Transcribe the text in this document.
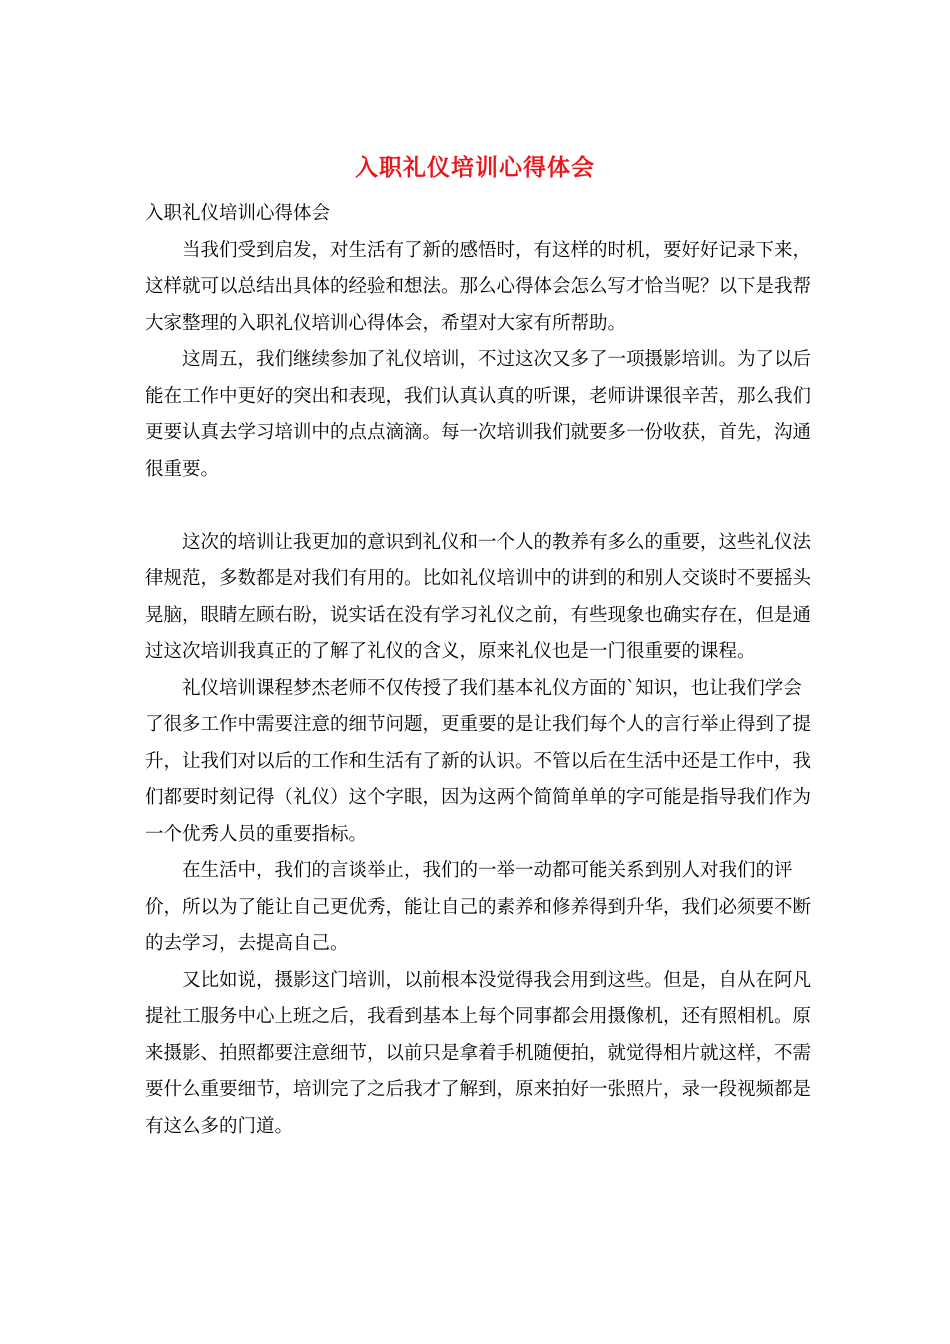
入职礼仪培训心得体会

入职礼仪培训心得体会

当我们受到启发，对生活有了新的感悟时，有这样的时机，要好好记录下来，这样就可以总结出具体的经验和想法。那么心得体会怎么写才恰当呢？以下是我帮大家整理的入职礼仪培训心得体会，希望对大家有所帮助。

这周五，我们继续参加了礼仪培训，不过这次又多了一项摄影培训。为了以后能在工作中更好的突出和表现，我们认真认真的听课，老师讲课很辛苦，那么我们更要认真去学习培训中的点点滴滴。每一次培训我们就要多一份收获，首先，沟通很重要。

这次的培训让我更加的意识到礼仪和一个人的教养有多么的重要，这些礼仪法律规范，多数都是对我们有用的。比如礼仪培训中的讲到的和别人交谈时不要摇头晃脑，眼睛左顾右盼，说实话在没有学习礼仪之前，有些现象也确实存在，但是通过这次培训我真正的了解了礼仪的含义，原来礼仪也是一门很重要的课程。

礼仪培训课程梦杰老师不仅传授了我们基本礼仪方面的`知识，也让我们学会了很多工作中需要注意的细节问题，更重要的是让我们每个人的言行举止得到了提升，让我们对以后的工作和生活有了新的认识。不管以后在生活中还是工作中，我们都要时刻记得（礼仪）这个字眼，因为这两个简简单单的字可能是指导我们作为一个优秀人员的重要指标。

在生活中，我们的言谈举止，我们的一举一动都可能关系到别人对我们的评价，所以为了能让自己更优秀，能让自己的素养和修养得到升华，我们必须要不断的去学习，去提高自己。

又比如说，摄影这门培训，以前根本没觉得我会用到这些。但是，自从在阿凡提社工服务中心上班之后，我看到基本上每个同事都会用摄像机，还有照相机。原来摄影、拍照都要注意细节，以前只是拿着手机随便拍，就觉得相片就这样，不需要什么重要细节，培训完了之后我才了解到，原来拍好一张照片，录一段视频都是有这么多的门道。
